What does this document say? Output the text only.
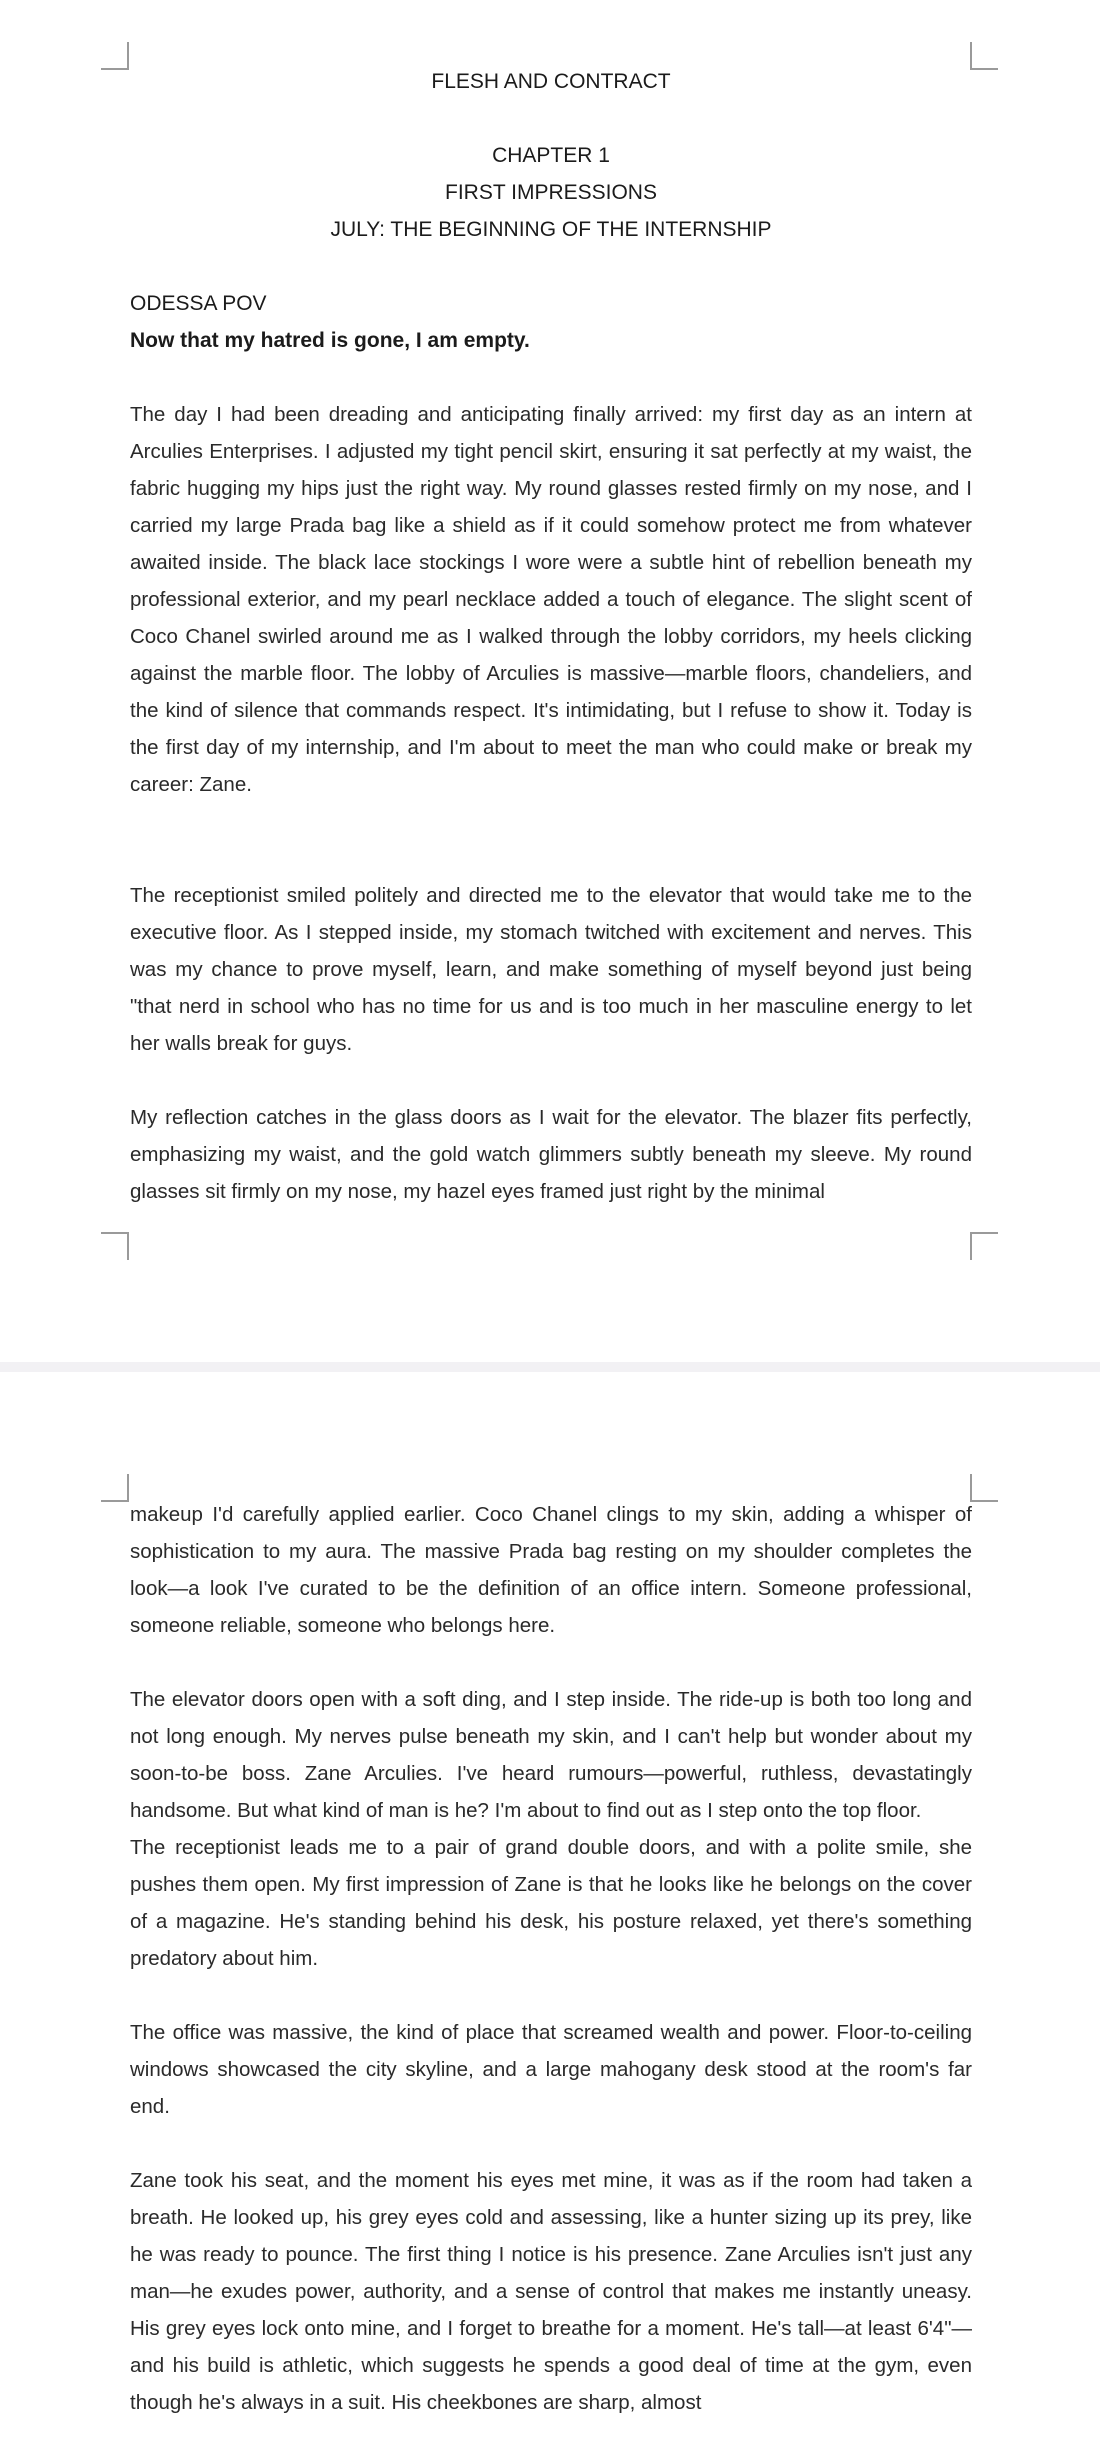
FLESH AND CONTRACT

CHAPTER 1

FIRST IMPRESSIONS

JULY: THE BEGINNING OF THE INTERNSHIP

ODESSA POV

Now that my hatred is gone, I am empty.

The day I had been dreading and anticipating finally arrived: my first day as an intern at Arculies Enterprises. I adjusted my tight pencil skirt, ensuring it sat perfectly at my waist, the fabric hugging my hips just the right way. My round glasses rested firmly on my nose, and I carried my large Prada bag like a shield as if it could somehow protect me from whatever awaited inside. The black lace stockings I wore were a subtle hint of rebellion beneath my professional exterior, and my pearl necklace added a touch of elegance. The slight scent of Coco Chanel swirled around me as I walked through the lobby corridors, my heels clicking against the marble floor. The lobby of Arculies is massive—marble floors, chandeliers, and the kind of silence that commands respect. It's intimidating, but I refuse to show it. Today is the first day of my internship, and I'm about to meet the man who could make or break my career: Zane.

The receptionist smiled politely and directed me to the elevator that would take me to the executive floor. As I stepped inside, my stomach twitched with excitement and nerves. This was my chance to prove myself, learn, and make something of myself beyond just being "that nerd in school who has no time for us and is too much in her masculine energy to let her walls break for guys.

My reflection catches in the glass doors as I wait for the elevator. The blazer fits perfectly, emphasizing my waist, and the gold watch glimmers subtly beneath my sleeve. My round glasses sit firmly on my nose, my hazel eyes framed just right by the minimal

makeup I'd carefully applied earlier. Coco Chanel clings to my skin, adding a whisper of sophistication to my aura. The massive Prada bag resting on my shoulder completes the look—a look I've curated to be the definition of an office intern. Someone professional, someone reliable, someone who belongs here.

The elevator doors open with a soft ding, and I step inside. The ride-up is both too long and not long enough. My nerves pulse beneath my skin, and I can't help but wonder about my soon-to-be boss. Zane Arculies. I've heard rumours—powerful, ruthless, devastatingly handsome. But what kind of man is he? I'm about to find out as I step onto the top floor.

The receptionist leads me to a pair of grand double doors, and with a polite smile, she pushes them open. My first impression of Zane is that he looks like he belongs on the cover of a magazine. He's standing behind his desk, his posture relaxed, yet there's something predatory about him.

The office was massive, the kind of place that screamed wealth and power. Floor-to-ceiling windows showcased the city skyline, and a large mahogany desk stood at the room's far end.

Zane took his seat, and the moment his eyes met mine, it was as if the room had taken a breath. He looked up, his grey eyes cold and assessing, like a hunter sizing up its prey, like he was ready to pounce. The first thing I notice is his presence. Zane Arculies isn't just any man—he exudes power, authority, and a sense of control that makes me instantly uneasy. His grey eyes lock onto mine, and I forget to breathe for a moment. He's tall—at least 6'4"—and his build is athletic, which suggests he spends a good deal of time at the gym, even though he's always in a suit. His cheekbones are sharp, almost
